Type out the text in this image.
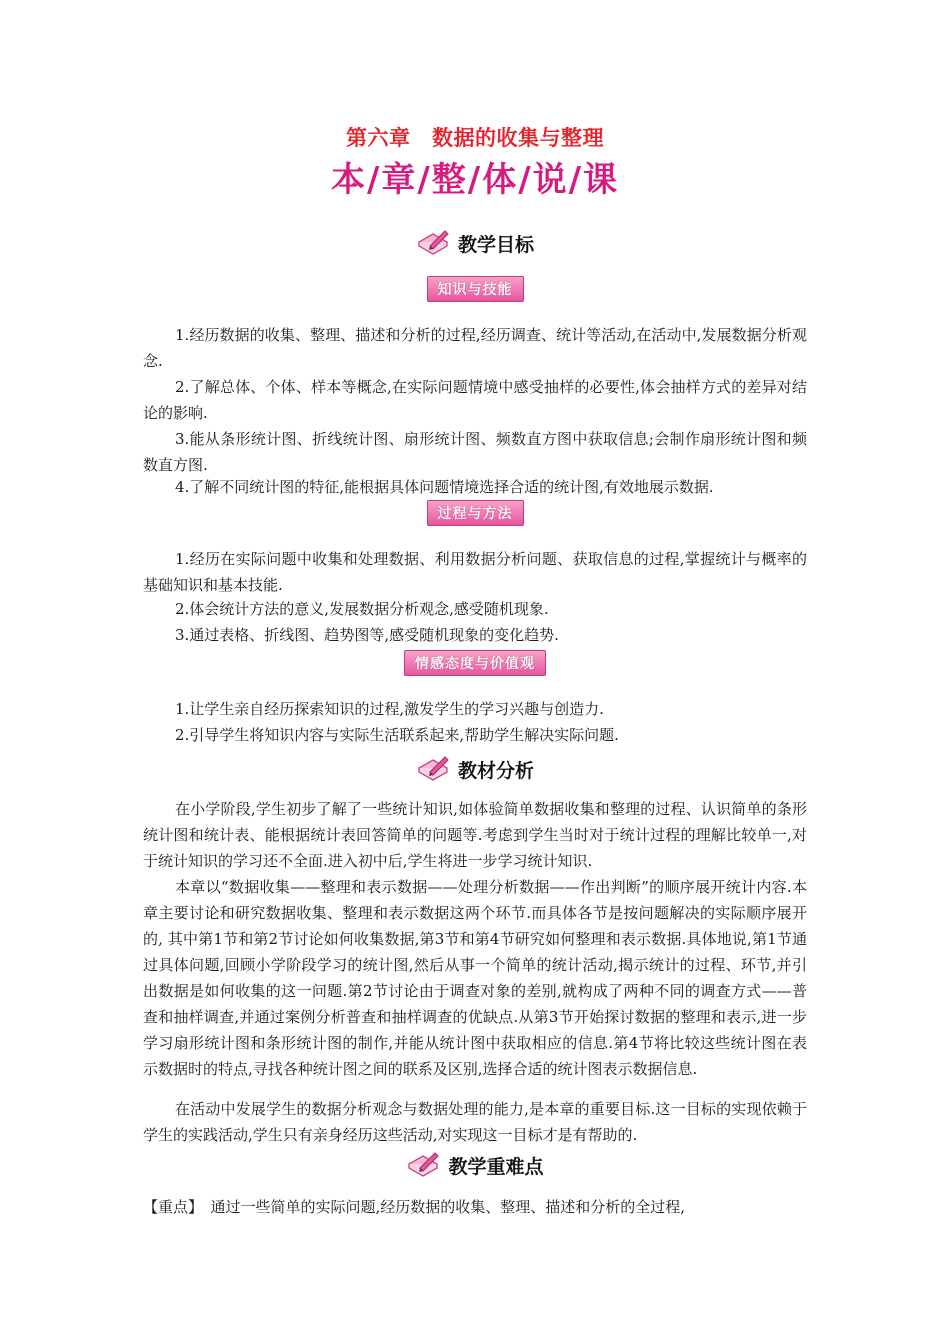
第六章　数据的收集与整理
本/章/整/体/说/课
教学目标
知识与技能

1.经历数据的收集、整理、描述和分析的过程,经历调查、统计等活动,在活动中,发展数据分析观念.

2.了解总体、个体、样本等概念,在实际问题情境中感受抽样的必要性,体会抽样方式的差异对结论的影响.

3.能从条形统计图、折线统计图、扇形统计图、频数直方图中获取信息;会制作扇形统计图和频数直方图.

4.了解不同统计图的特征,能根据具体问题情境选择合适的统计图,有效地展示数据.

过程与方法

1.经历在实际问题中收集和处理数据、利用数据分析问题、获取信息的过程,掌握统计与概率的基础知识和基本技能.

2.体会统计方法的意义,发展数据分析观念,感受随机现象.

3.通过表格、折线图、趋势图等,感受随机现象的变化趋势.

情感态度与价值观

1.让学生亲自经历探索知识的过程,激发学生的学习兴趣与创造力.

2.引导学生将知识内容与实际生活联系起来,帮助学生解决实际问题.

教材分析

在小学阶段,学生初步了解了一些统计知识,如体验简单数据收集和整理的过程、认识简单的条形统计图和统计表、能根据统计表回答简单的问题等.考虑到学生当时对于统计过程的理解比较单一,对于统计知识的学习还不全面.进入初中后,学生将进一步学习统计知识.

本章以“数据收集——整理和表示数据——处理分析数据——作出判断”的顺序展开统计内容.本章主要讨论和研究数据收集、整理和表示数据这两个环节.而具体各节是按问题解决的实际顺序展开的, 其中第1节和第2节讨论如何收集数据,第3节和第4节研究如何整理和表示数据.具体地说,第1节通过具体问题,回顾小学阶段学习的统计图,然后从事一个简单的统计活动,揭示统计的过程、环节,并引出数据是如何收集的这一问题.第2节讨论由于调查对象的差别,就构成了两种不同的调查方式——普查和抽样调查,并通过案例分析普查和抽样调查的优缺点.从第3节开始探讨数据的整理和表示,进一步学习扇形统计图和条形统计图的制作,并能从统计图中获取相应的信息.第4节将比较这些统计图在表示数据时的特点,寻找各种统计图之间的联系及区别,选择合适的统计图表示数据信息.

在活动中发展学生的数据分析观念与数据处理的能力,是本章的重要目标.这一目标的实现依赖于学生的实践活动,学生只有亲身经历这些活动,对实现这一目标才是有帮助的.

教学重难点

【重点】　通过一些简单的实际问题,经历数据的收集、整理、描述和分析的全过程,
